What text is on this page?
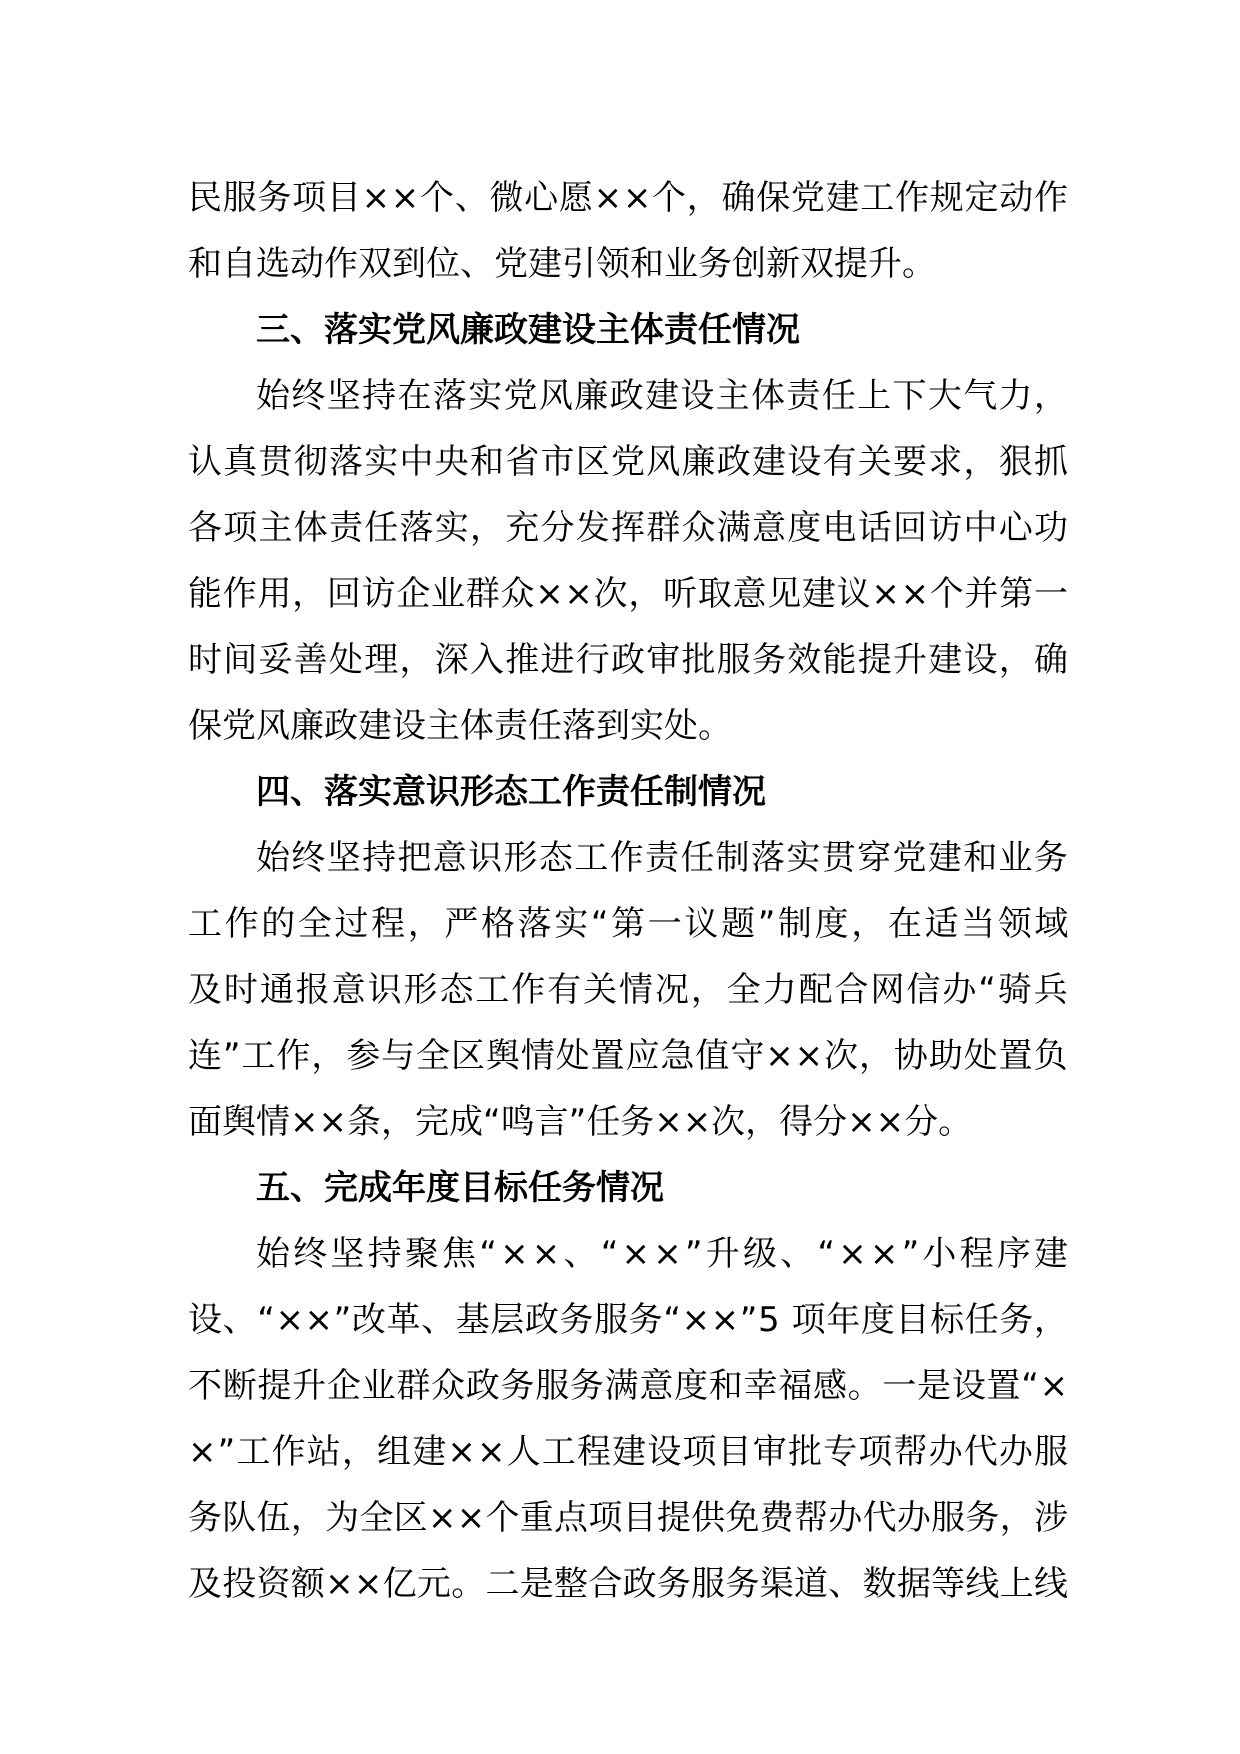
民服务项目××个、微心愿××个，确保党建工作规定动作
和自选动作双到位、党建引领和业务创新双提升。
三、落实党风廉政建设主体责任情况
始终坚持在落实党风廉政建设主体责任上下大气力，
认真贯彻落实中央和省市区党风廉政建设有关要求，狠抓
各项主体责任落实，充分发挥群众满意度电话回访中心功
能作用，回访企业群众××次，听取意见建议××个并第一
时间妥善处理，深入推进行政审批服务效能提升建设，确
保党风廉政建设主体责任落到实处。
四、落实意识形态工作责任制情况
始终坚持把意识形态工作责任制落实贯穿党建和业务
工作的全过程，严格落实“第一议题”制度，在适当领域
及时通报意识形态工作有关情况，全力配合网信办“骑兵
连”工作，参与全区舆情处置应急值守××次，协助处置负
面舆情××条，完成“鸣言”任务××次，得分××分。
五、完成年度目标任务情况
始终坚持聚焦“××、“××”升级、“××”小程序建
设、“××”改革、基层政务服务“××”5 项年度目标任务，
不断提升企业群众政务服务满意度和幸福感。一是设置“×
×”工作站，组建××人工程建设项目审批专项帮办代办服
务队伍，为全区××个重点项目提供免费帮办代办服务，涉
及投资额××亿元。二是整合政务服务渠道、数据等线上线
